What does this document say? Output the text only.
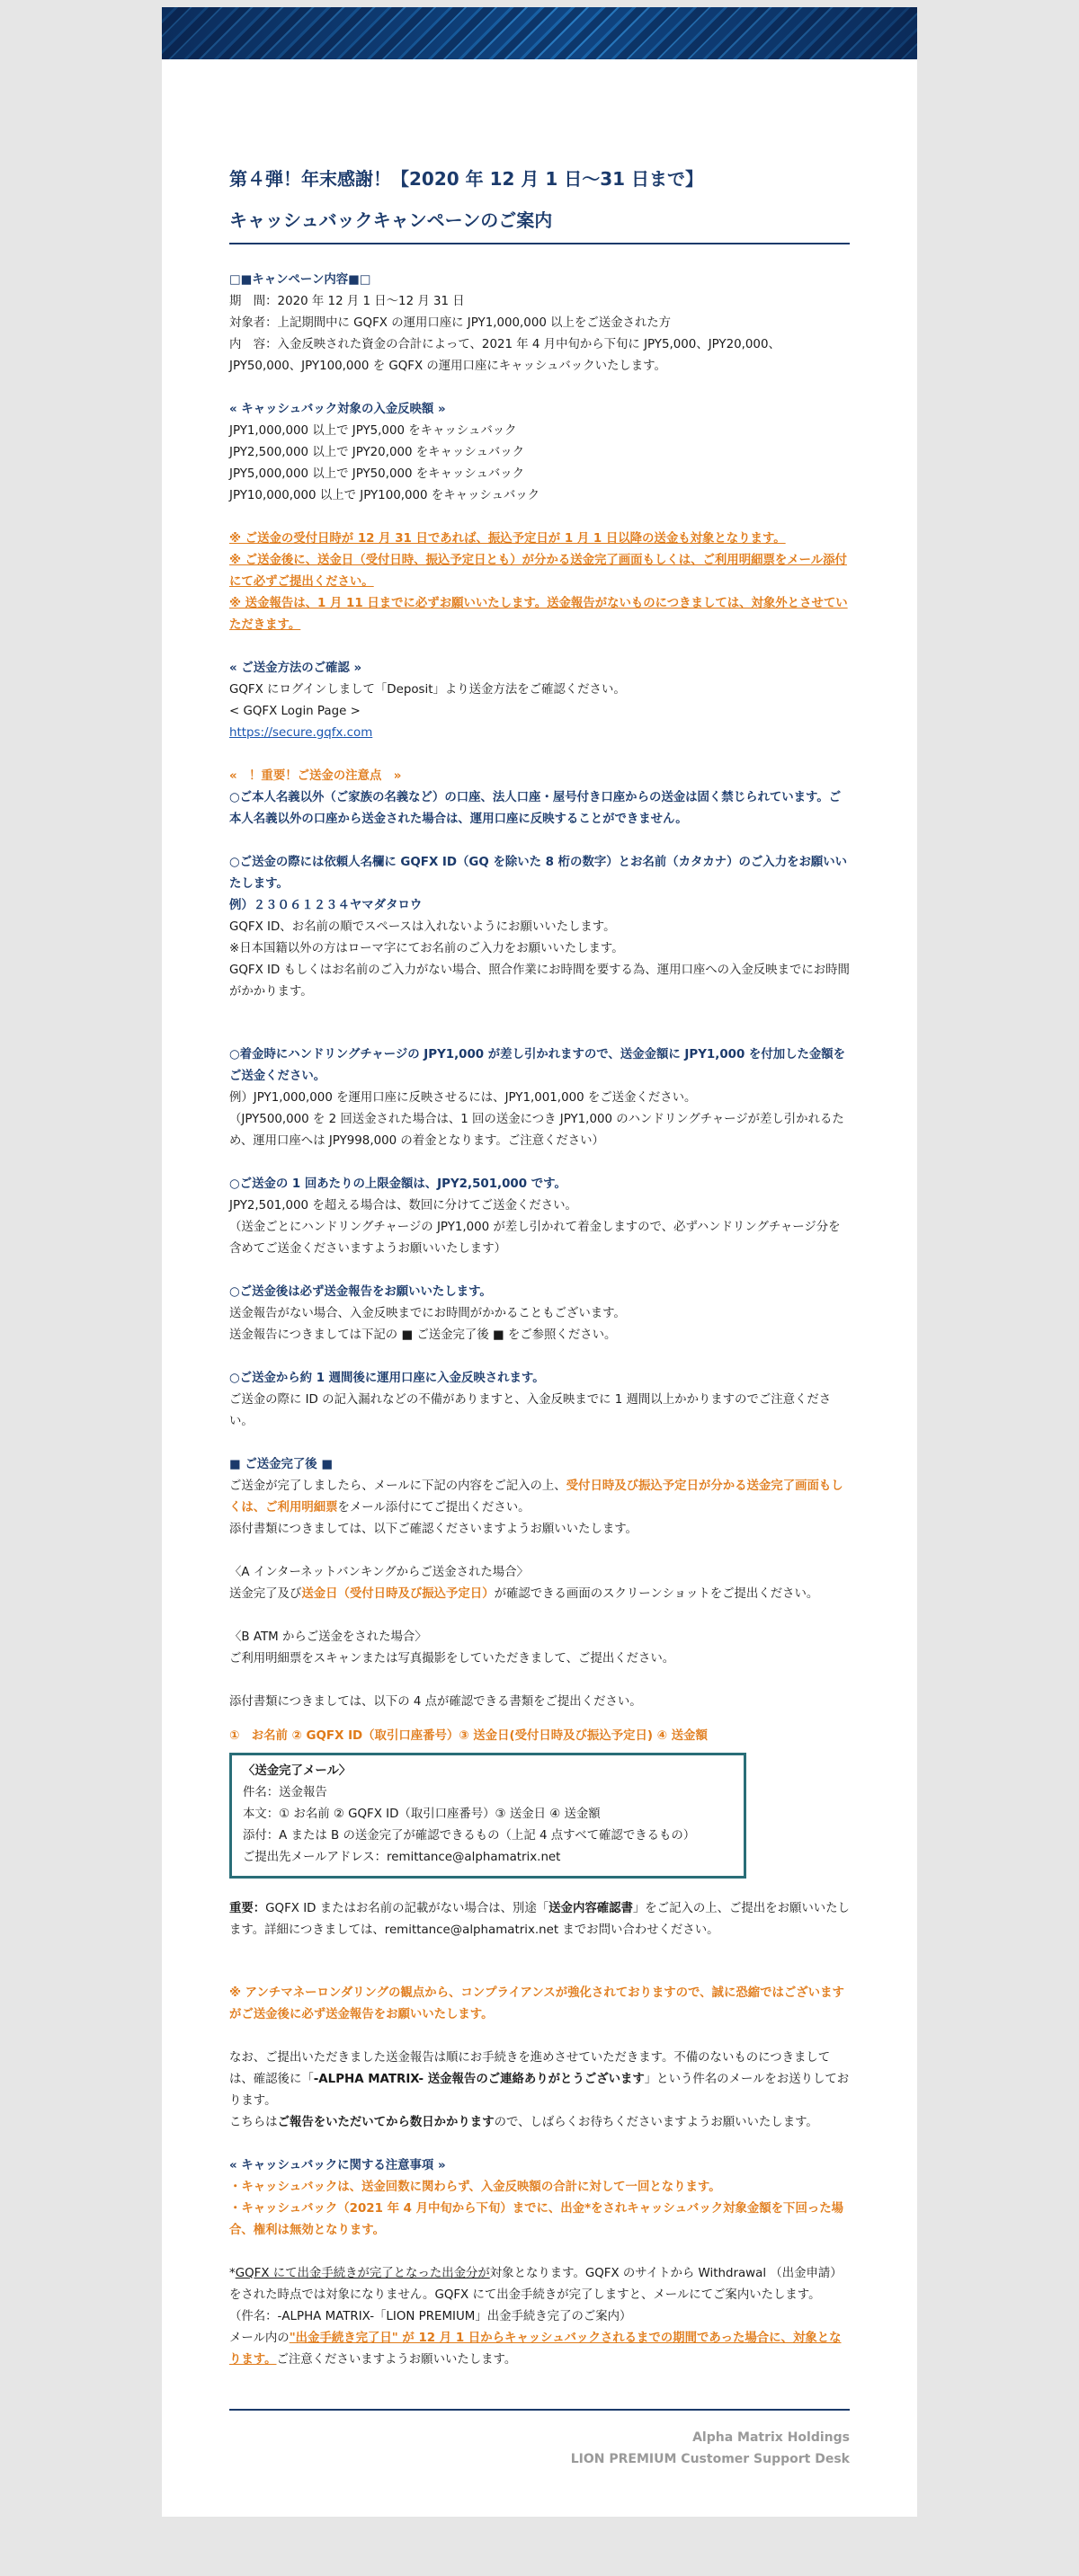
第４弾！年末感謝！【2020 年 12 月 1 日〜31 日まで】
キャッシュバックキャンペーンのご案内
□■キャンペーン内容■□
期　間：2020 年 12 月 1 日〜12 月 31 日
対象者：上記期間中に GQFX の運用口座に JPY1,000,000 以上をご送金された方
内　容：入金反映された資金の合計によって、2021 年 4 月中旬から下旬に JPY5,000、JPY20,000、
JPY50,000、JPY100,000 を GQFX の運用口座にキャッシュバックいたします。
« キャッシュバック対象の入金反映額 »
JPY1,000,000 以上で JPY5,000 をキャッシュバック
JPY2,500,000 以上で JPY20,000 をキャッシュバック
JPY5,000,000 以上で JPY50,000 をキャッシュバック
JPY10,000,000 以上で JPY100,000 をキャッシュバック
※ ご送金の受付日時が 12 月 31 日であれば、振込予定日が 1 月 1 日以降の送金も対象となります。
※ ご送金後に、送金日（受付日時、振込予定日とも）が分かる送金完了画面もしくは、ご利用明細票をメール添付にて必ずご提出ください。
※ 送金報告は、1 月 11 日までに必ずお願いいたします。送金報告がないものにつきましては、対象外とさせていただきます。
« ご送金方法のご確認 »
GQFX にログインしまして「Deposit」より送金方法をご確認ください。
< GQFX Login Page >
https://secure.gqfx.com
«　！重要！ご送金の注意点　»
○ご本人名義以外（ご家族の名義など）の口座、法人口座・屋号付き口座からの送金は固く禁じられています。ご本人名義以外の口座から送金された場合は、運用口座に反映することができません。
○ご送金の際には依頼人名欄に GQFX ID（GQ を除いた 8 桁の数字）とお名前（カタカナ）のご入力をお願いいたします。
例）２３０６１２３４ヤマダタロウ
GQFX ID、お名前の順でスペースは入れないようにお願いいたします。
※日本国籍以外の方はローマ字にてお名前のご入力をお願いいたします。
GQFX ID もしくはお名前のご入力がない場合、照合作業にお時間を要する為、運用口座への入金反映までにお時間がかかります。
○着金時にハンドリングチャージの JPY1,000 が差し引かれますので、送金金額に JPY1,000 を付加した金額をご送金ください。
例）JPY1,000,000 を運用口座に反映させるには、JPY1,001,000 をご送金ください。
（JPY500,000 を 2 回送金された場合は、1 回の送金につき JPY1,000 のハンドリングチャージが差し引かれるため、運用口座へは JPY998,000 の着金となります。ご注意ください）
○ご送金の 1 回あたりの上限金額は、JPY2,501,000 です。
JPY2,501,000 を超える場合は、数回に分けてご送金ください。
（送金ごとにハンドリングチャージの JPY1,000 が差し引かれて着金しますので、必ずハンドリングチャージ分を含めてご送金くださいますようお願いいたします）
○ご送金後は必ず送金報告をお願いいたします。
送金報告がない場合、入金反映までにお時間がかかることもございます。
送金報告につきましては下記の ■ ご送金完了後 ■ をご参照ください。
○ご送金から約 1 週間後に運用口座に入金反映されます。
ご送金の際に ID の記入漏れなどの不備がありますと、入金反映までに 1 週間以上かかりますのでご注意ください。
■ ご送金完了後 ■
ご送金が完了しましたら、メールに下記の内容をご記入の上、受付日時及び振込予定日が分かる送金完了画面もしくは、ご利用明細票をメール添付にてご提出ください。
添付書類につきましては、以下ご確認くださいますようお願いいたします。
〈A インターネットバンキングからご送金された場合〉
送金完了及び送金日（受付日時及び振込予定日）が確認できる画面のスクリーンショットをご提出ください。
〈B ATM からご送金をされた場合〉
ご利用明細票をスキャンまたは写真撮影をしていただきまして、ご提出ください。
添付書類につきましては、以下の 4 点が確認できる書類をご提出ください。
①　お名前 ② GQFX ID（取引口座番号）③ 送金日(受付日時及び振込予定日) ④ 送金額
〈送金完了メール〉
件名：送金報告
本文：① お名前 ② GQFX ID（取引口座番号）③ 送金日 ④ 送金額
添付：A または B の送金完了が確認できるもの（上記 4 点すべて確認できるもの）
ご提出先メールアドレス：remittance@alphamatrix.net
重要：GQFX ID またはお名前の記載がない場合は、別途「送金内容確認書」をご記入の上、ご提出をお願いいたします。詳細につきましては、remittance@alphamatrix.net までお問い合わせください。
※ アンチマネーロンダリングの観点から、コンプライアンスが強化されておりますので、誠に恐縮ではございますがご送金後に必ず送金報告をお願いいたします。
なお、ご提出いただきました送金報告は順にお手続きを進めさせていただきます。不備のないものにつきましては、確認後に「-ALPHA MATRIX- 送金報告のご連絡ありがとうございます」という件名のメールをお送りしております。
こちらはご報告をいただいてから数日かかりますので、しばらくお待ちくださいますようお願いいたします。
« キャッシュバックに関する注意事項 »
・キャッシュバックは、送金回数に関わらず、入金反映額の合計に対して一回となります。
・キャッシュバック（2021 年 4 月中旬から下旬）までに、出金*をされキャッシュバック対象金額を下回った場合、権利は無効となります。
*GQFX にて出金手続きが完了となった出金分が対象となります。GQFX のサイトから Withdrawal （出金申請）をされた時点では対象になりません。GQFX にて出金手続きが完了しますと、メールにてご案内いたします。
（件名：-ALPHA MATRIX-「LION PREMIUM」出金手続き完了のご案内）
メール内の"出金手続き完了日" が 12 月 1 日からキャッシュバックされるまでの期間であった場合に、対象となります。ご注意くださいますようお願いいたします。
Alpha Matrix Holdings
LION PREMIUM Customer Support Desk
